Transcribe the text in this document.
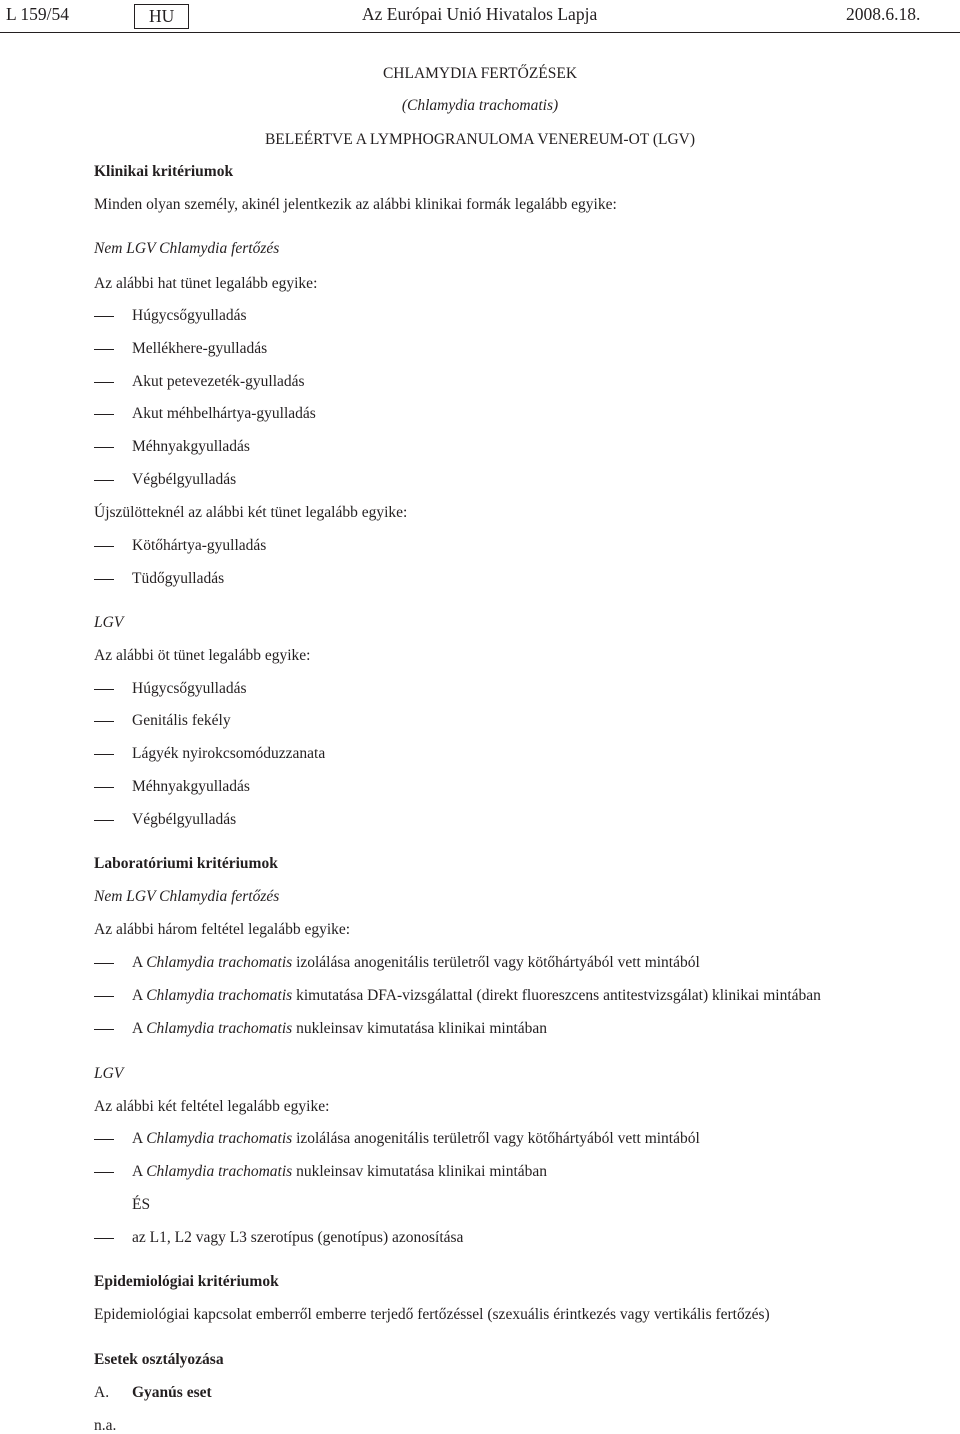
L 159/54	HU	Az Európai Unió Hivatalos Lapja	2008.6.18.
CHLAMYDIA FERTŐZÉSEK
(Chlamydia trachomatis)
BELEÉRTVE A LYMPHOGRANULOMA VENEREUM-OT (LGV)
Klinikai kritériumok
Minden olyan személy, akinél jelentkezik az alábbi klinikai formák legalább egyike:
Nem LGV Chlamydia fertőzés
Az alábbi hat tünet legalább egyike:
Húgycsőgyulladás
Mellékhere-gyulladás
Akut petevezeték-gyulladás
Akut méhbelhártya-gyulladás
Méhnyakgyulladás
Végbélgyulladás
Újszülötteknél az alábbi két tünet legalább egyike:
Kötőhártya-gyulladás
Tüdőgyulladás
LGV
Az alábbi öt tünet legalább egyike:
Húgycsőgyulladás
Genitális fekély
Lágyék nyirokcsomóduzzanata
Méhnyakgyulladás
Végbélgyulladás
Laboratóriumi kritériumok
Nem LGV Chlamydia fertőzés
Az alábbi három feltétel legalább egyike:
A Chlamydia trachomatis izolálása anogenitális területről vagy kötőhártyából vett mintából
A Chlamydia trachomatis kimutatása DFA-vizsgálattal (direkt fluoreszcens antitestvizsgálat) klinikai mintában
A Chlamydia trachomatis nukleinsav kimutatása klinikai mintában
LGV
Az alábbi két feltétel legalább egyike:
A Chlamydia trachomatis izolálása anogenitális területről vagy kötőhártyából vett mintából
A Chlamydia trachomatis nukleinsav kimutatása klinikai mintában
ÉS
az L1, L2 vagy L3 szerotípus (genotípus) azonosítása
Epidemiológiai kritériumok
Epidemiológiai kapcsolat emberről emberre terjedő fertőzéssel (szexuális érintkezés vagy vertikális fertőzés)
Esetek osztályozása
A. Gyanús eset
n.a.
